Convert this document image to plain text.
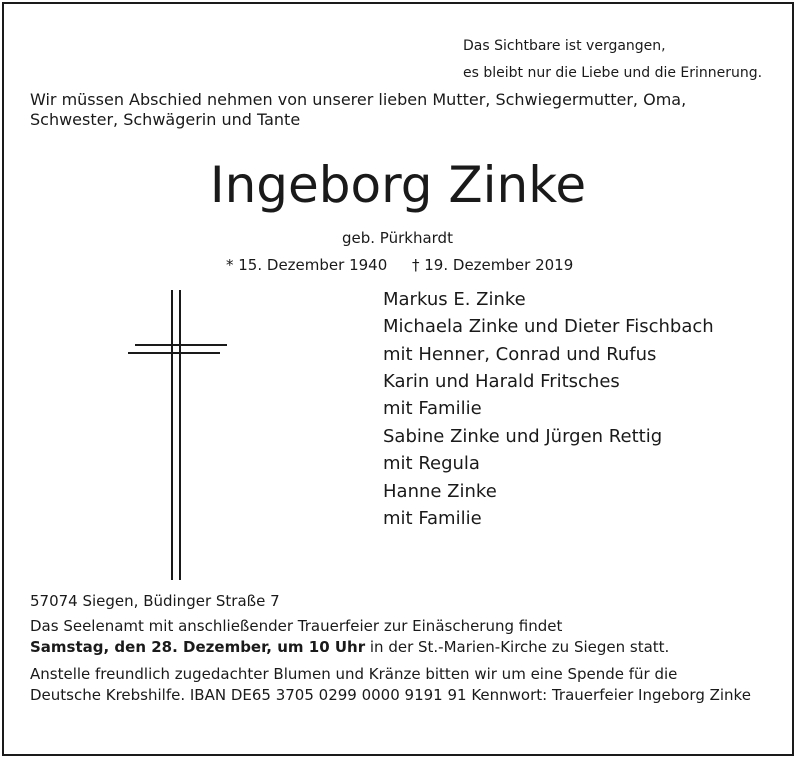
Das Sichtbare ist vergangen,
es bleibt nur die Liebe und die Erinnerung.
Wir müssen Abschied nehmen von unserer lieben Mutter, Schwiegermutter, Oma,
Schwester, Schwägerin und Tante
Ingeborg Zinke
geb. Pürkhardt
* 15. Dezember 1940 † 19. Dezember 2019
Markus E. Zinke
Michaela Zinke und Dieter Fischbach
mit Henner, Conrad und Rufus
Karin und Harald Fritsches
mit Familie
Sabine Zinke und Jürgen Rettig
mit Regula
Hanne Zinke
mit Familie
57074 Siegen, Büdinger Straße 7
Das Seelenamt mit anschließender Trauerfeier zur Einäscherung findet
Samstag, den 28. Dezember, um 10 Uhr in der St.-Marien-Kirche zu Siegen statt.
Anstelle freundlich zugedachter Blumen und Kränze bitten wir um eine Spende für die
Deutsche Krebshilfe. IBAN DE65 3705 0299 0000 9191 91 Kennwort: Trauerfeier Ingeborg Zinke
